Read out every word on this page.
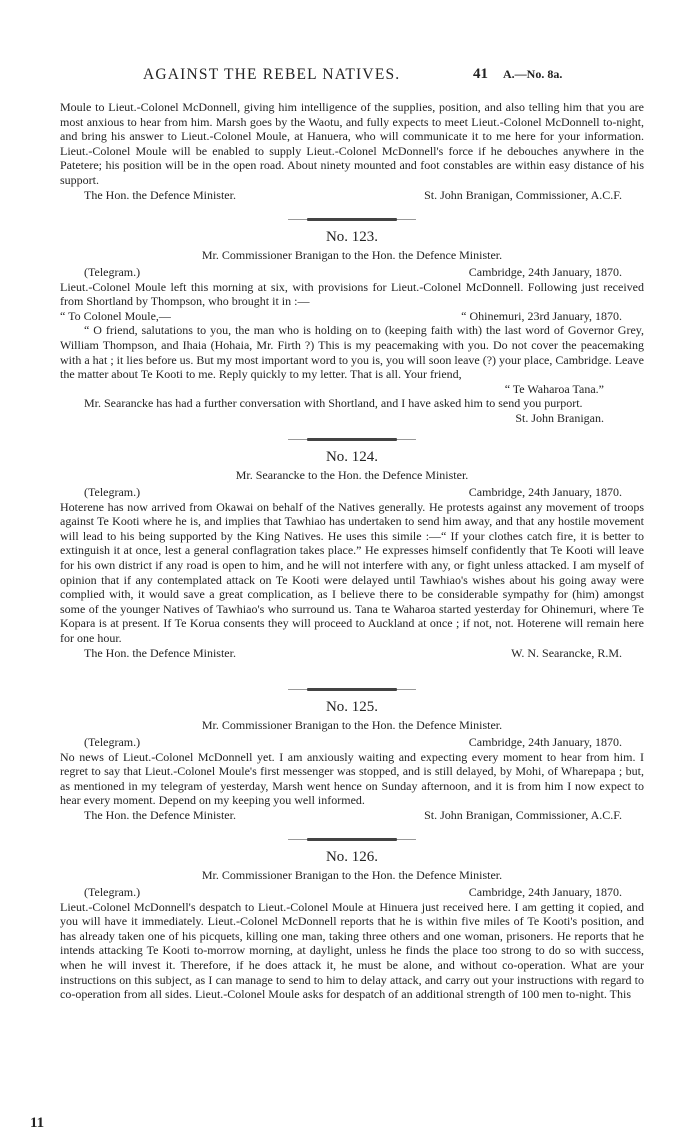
AGAINST THE REBEL NATIVES.	41 A.—No. 8a.

Moule to Lieut.-Colonel McDonnell, giving him intelligence of the supplies, position, and also telling him that you are most anxious to hear from him. Marsh goes by the Waotu, and fully expects to meet Lieut.-Colonel McDonnell to-night, and bring his answer to Lieut.-Colonel Moule, at Hanuera, who will communicate it to me here for your information. Lieut.-Colonel Moule will be enabled to supply Lieut.-Colonel McDonnell's force if he debouches anywhere in the Patetere; his position will be in the open road. About ninety mounted and foot constables are within easy distance of his support.

The Hon. the Defence Minister.	St. John Branigan, Commissioner, A.C.F.
No. 123.
Mr. Commissioner Branigan to the Hon. the Defence Minister.
(Telegram.)	Cambridge, 24th January, 1870.

Lieut.-Colonel Moule left this morning at six, with provisions for Lieut.-Colonel McDonnell. Following just received from Shortland by Thompson, who brought it in :—

“ To Colonel Moule,—	“ Ohinemuri, 23rd January, 1870.

“ O friend, salutations to you, the man who is holding on to (keeping faith with) the last word of Governor Grey, William Thompson, and Ihaia (Hohaia, Mr. Firth ?) This is my peacemaking with you. Do not cover the peacemaking with a hat ; it lies before us. But my most important word to you is, you will soon leave (?) your place, Cambridge. Leave the matter about Te Kooti to me. Reply quickly to my letter. That is all. Your friend,

“ Te Waharoa Tana.”

Mr. Searancke has had a further conversation with Shortland, and I have asked him to send you purport.

St. John Branigan.
No. 124.
Mr. Searancke to the Hon. the Defence Minister.
(Telegram.)	Cambridge, 24th January, 1870.

Hoterene has now arrived from Okawai on behalf of the Natives generally. He protests against any movement of troops against Te Kooti where he is, and implies that Tawhiao has undertaken to send him away, and that any hostile movement will lead to his being supported by the King Natives. He uses this simile :—“ If your clothes catch fire, it is better to extinguish it at once, lest a general conflagration takes place.” He expresses himself confidently that Te Kooti will leave for his own district if any road is open to him, and he will not interfere with any, or fight unless attacked. I am myself of opinion that if any contemplated attack on Te Kooti were delayed until Tawhiao's wishes about his going away were complied with, it would save a great complication, as I believe there to be considerable sympathy for (him) amongst some of the younger Natives of Tawhiao's who surround us. Tana te Waharoa started yesterday for Ohinemuri, where Te Kopara is at present. If Te Korua consents they will proceed to Auckland at once ; if not, not. Hoterene will remain here for one hour.

The Hon. the Defence Minister.	W. N. Searancke, R.M.
No. 125.
Mr. Commissioner Branigan to the Hon. the Defence Minister.
(Telegram.)	Cambridge, 24th January, 1870.

No news of Lieut.-Colonel McDonnell yet. I am anxiously waiting and expecting every moment to hear from him. I regret to say that Lieut.-Colonel Moule's first messenger was stopped, and is still delayed, by Mohi, of Wharepapa ; but, as mentioned in my telegram of yesterday, Marsh went hence on Sunday afternoon, and it is from him I now expect to hear every moment. Depend on my keeping you well informed.

The Hon. the Defence Minister.	St. John Branigan, Commissioner, A.C.F.
No. 126.
Mr. Commissioner Branigan to the Hon. the Defence Minister.
(Telegram.)	Cambridge, 24th January, 1870.

Lieut.-Colonel McDonnell's despatch to Lieut.-Colonel Moule at Hinuera just received here. I am getting it copied, and you will have it immediately. Lieut.-Colonel McDonnell reports that he is within five miles of Te Kooti's position, and has already taken one of his picquets, killing one man, taking three others and one woman, prisoners. He reports that he intends attacking Te Kooti to-morrow morning, at daylight, unless he finds the place too strong to do so with success, when he will invest it. Therefore, if he does attack it, he must be alone, and without co-operation. What are your instructions on this subject, as I can manage to send to him to delay attack, and carry out your instructions with regard to co-operation from all sides. Lieut.-Colonel Moule asks for despatch of an additional strength of 100 men to-night. This

11
